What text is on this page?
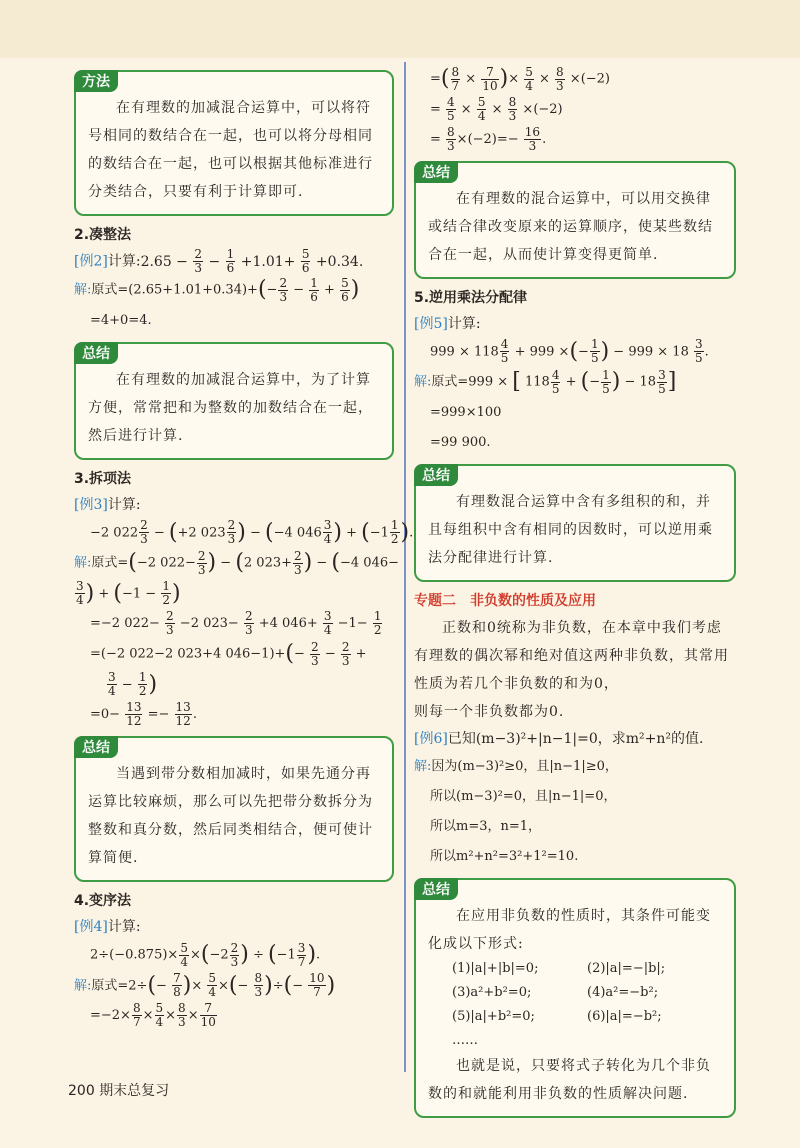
方法
在有理数的加减混合运算中，可以将符号相同的数结合在一起，也可以将分母相同的数结合在一起，也可以根据其他标准进行分类结合，只要有利于计算即可.
2.凑整法
[例2]计算:2.65 − $\frac{2}{3} - \frac{1}{6} +1.01+ \frac{5}{6} +0.34$.
解:原式$=(2.65+1.01+0.34)+(- \frac{2}{3} - \frac{1}{6} + \frac{5}{6}$ )
=4+0=4.
总结
在有理数的加减混合运算中，为了计算方便，常常把和为整数的加数结合在一起，然后进行计算.
3.拆项法
[例3]计算:
−2 $022 \frac{2}{3} - (+2$ $023 \frac{2}{3}$ ) − (−4 $046 \frac{3}{4}$ ) + ($-1 \frac{1}{2}$ ).
解:原式=(−2 $022- \frac{2}{3}$ ) − (2 $023+ \frac{2}{3}$ ) − (−4 046−
$\frac{3}{4}$ ) + ($-1 - \frac{1}{2}$ )
=−2 $022- \frac{2}{3} -2$ $023- \frac{2}{3} +4$ $046+ \frac{3}{4} -1- \frac{1}{2}$
=(−2 022−2 023+4 $046-1)+(- \frac{2}{3} - \frac{2}{3}$ +
$\frac{3}{4} - \frac{1}{2}$ )
$=0- \frac{13}{12} =- \frac{13}{12}$ .
总结
当遇到带分数相加减时，如果先通分再运算比较麻烦，那么可以先把带分数拆分为整数和真分数，然后同类相结合，便可使计算简便.
4.变序法
[例4]计算:
$2\div(-0.875)\times \frac{5}{4} \times(-2 \frac{2}{3}$ ) ÷ ($-1 \frac{3}{7}$ ).
解:原式$=2\div(- \frac{7}{8}$ )× $\frac{5}{4}$ ×(− $\frac{8}{3}$ )÷(− $\frac{10}{7}$ )
$=-2\times \frac{8}{7} \times \frac{5}{4} \times \frac{8}{3} \times \frac{7}{10}$
=( $\frac{8}{7} \times \frac{7}{10}$ )× $\frac{5}{4} \times \frac{8}{3} \times(-2)$
= $\frac{4}{5} \times \frac{5}{4} \times \frac{8}{3} \times(-2)$
= $\frac{8}{3} \times(-2)=- \frac{16}{3}$ .
总结
在有理数的混合运算中，可以用交换律或结合律改变原来的运算顺序，使某些数结合在一起，从而使计算变得更简单.
5.逆用乘法分配律
[例5]计算:
$999 \times 118 \frac{4}{5} + 999$ ×(− $\frac{1}{5}$ ) − $999 \times 18 \frac{3}{5}$ .
解:原式=999 × [ $118 \frac{4}{5}$ + (− $\frac{1}{5}$ ) − $18 \frac{3}{5}$ ]
=999×100
=99 900.
总结
有理数混合运算中含有多组积的和，并且每组积中含有相同的因数时，可以逆用乘法分配律进行计算.
专题二　非负数的性质及应用
正数和0统称为非负数，在本章中我们考虑有理数的偶次幂和绝对值这两种非负数，其常用性质为若几个非负数的和为0，
则每一个非负数都为0.
[例6]已知(m−3)²+|n−1|=0，求m²+n²的值.
解:因为(m−3)²≥0，且|n−1|≥0，
所以(m−3)²=0，且|n−1|=0，
所以m=3，n=1，
所以m²+n²=3²+1²=10.
总结
在应用非负数的性质时，其条件可能变化成以下形式:
(1)|a|+|b|=0;	(2)|a|=−|b|;
(3)a²+b²=0;	(4)a²=−b²;
(5)|a|+b²=0;	(6)|a|=−b²;
……
也就是说，只要将式子转化为几个非负数的和就能利用非负数的性质解决问题.
200 期末总复习
